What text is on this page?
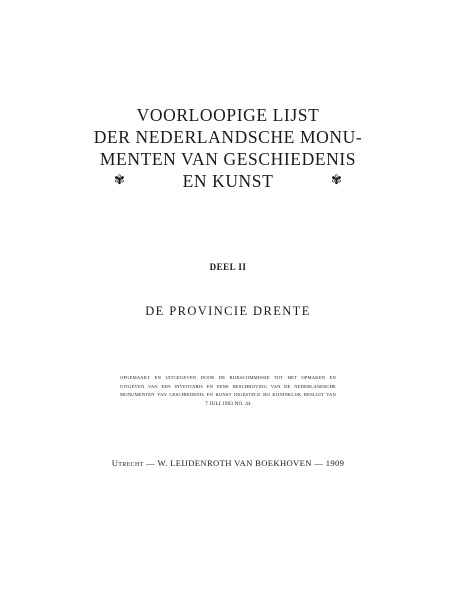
VOORLOOPIGE LIJST
DER NEDERLANDSCHE MONU-
MENTEN VAN GESCHIEDENIS
✾	EN KUNST	✾
DEEL II
DE PROVINCIE DRENTE
OPGEMAAKT EN UITGEGEVEN DOOR DE RIJKSCOMMISSIE TOT HET OPMAKEN EN
UITGEVEN VAN EEN INVENTARIS EN EENE BESCHRIJVING VAN DE NEDERLANDSCHE
MONUMENTEN VAN GESCHIEDENIS EN KUNST INGESTELD BIJ KONINKLIJK BESLUIT VAN
7 JULI 1903 NO. 44
Utrecht — W. LEIJDENROTH VAN BOEKHOVEN — 1909
